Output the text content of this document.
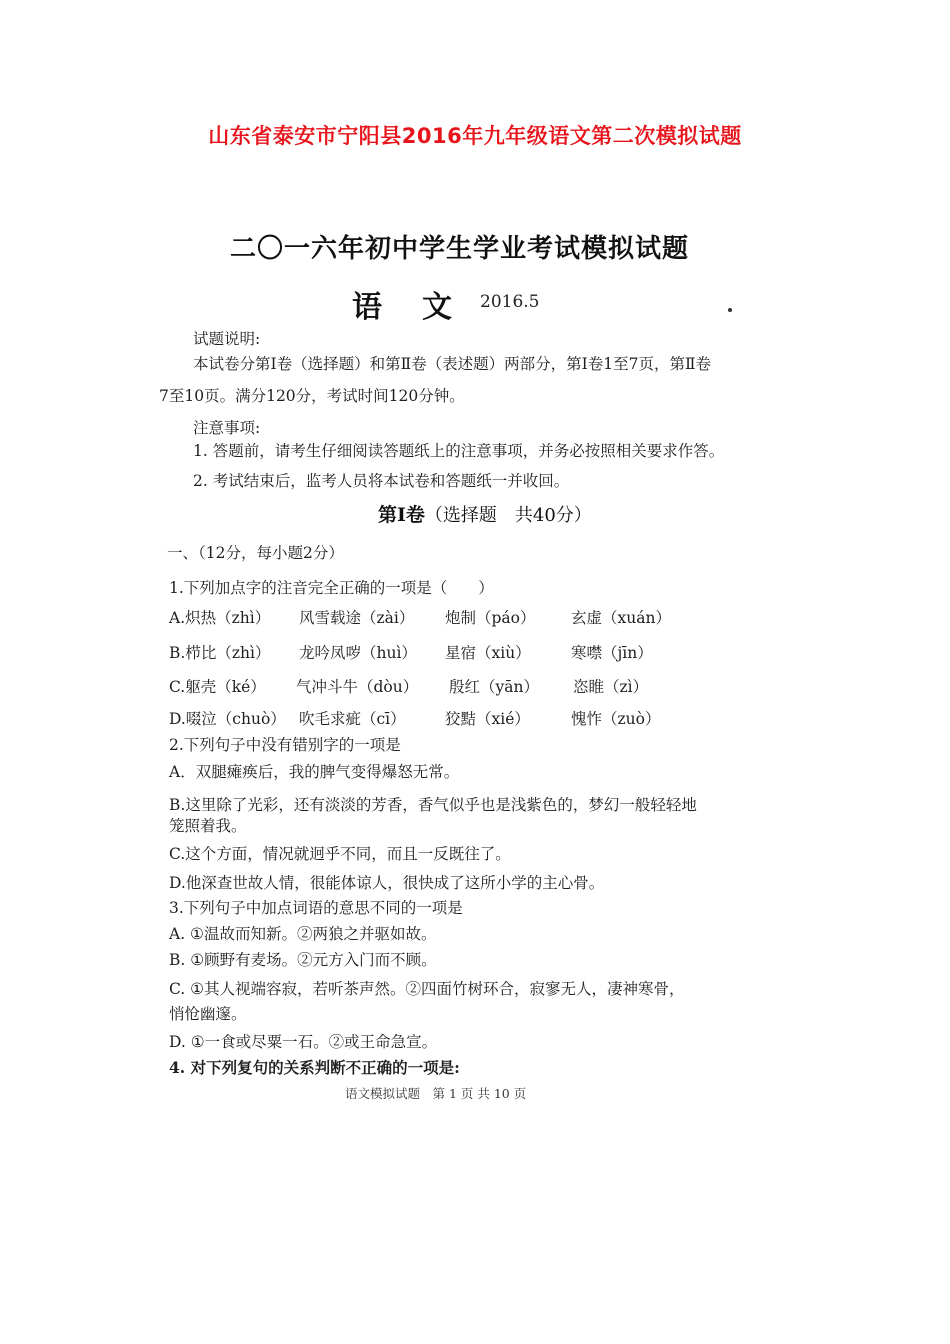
山东省泰安市宁阳县2016年九年级语文第二次模拟试题
二〇一六年初中学生学业考试模拟试题
语 文 2016.5
试题说明:
本试卷分第Ⅰ卷（选择题）和第Ⅱ卷（表述题）两部分，第Ⅰ卷1至7页，第Ⅱ卷
7至10页。满分120分，考试时间120分钟。
注意事项:
1. 答题前，请考生仔细阅读答题纸上的注意事项，并务必按照相关要求作答。
2. 考试结束后，监考人员将本试卷和答题纸一并收回。
第Ⅰ卷（选择题　共40分）
一、（12分，每小题2分）
1.下列加点字的注音完全正确的一项是（　　）
A.炽热（zhì） 风雪载途（zài） 炮制（páo） 玄虚（xuán）
B.栉比（zhì） 龙吟凤哕（huì） 星宿（xiù）	寒噤（jīn）
C.躯壳（ké） 气冲斗牛（dòu） 殷红（yān） 恣睢（zì）
D.啜泣（chuò） 吹毛求疵（cī）	狡黠（xié）	愧怍（zuò）
2.下列句子中没有错别字的一项是
A．双腿瘫痪后，我的脾气变得爆怒无常。
B.这里除了光彩，还有淡淡的芳香，香气似乎也是浅紫色的，梦幻一般轻轻地
笼照着我。
C.这个方面，情况就迥乎不同，而且一反既往了。
D.他深查世故人情，很能体谅人，很快成了这所小学的主心骨。
3.下列句子中加点词语的意思不同的一项是
A. ①温故而知新。②两狼之并驱如故。
B. ①顾野有麦场。②元方入门而不顾。
C. ①其人视端容寂，若听茶声然。②四面竹树环合，寂寥无人，凄神寒骨，
悄怆幽邃。
D. ①一食或尽粟一石。②或王命急宣。
4. 对下列复句的关系判断不正确的一项是:
语文模拟试题　第 1 页 共 10 页
